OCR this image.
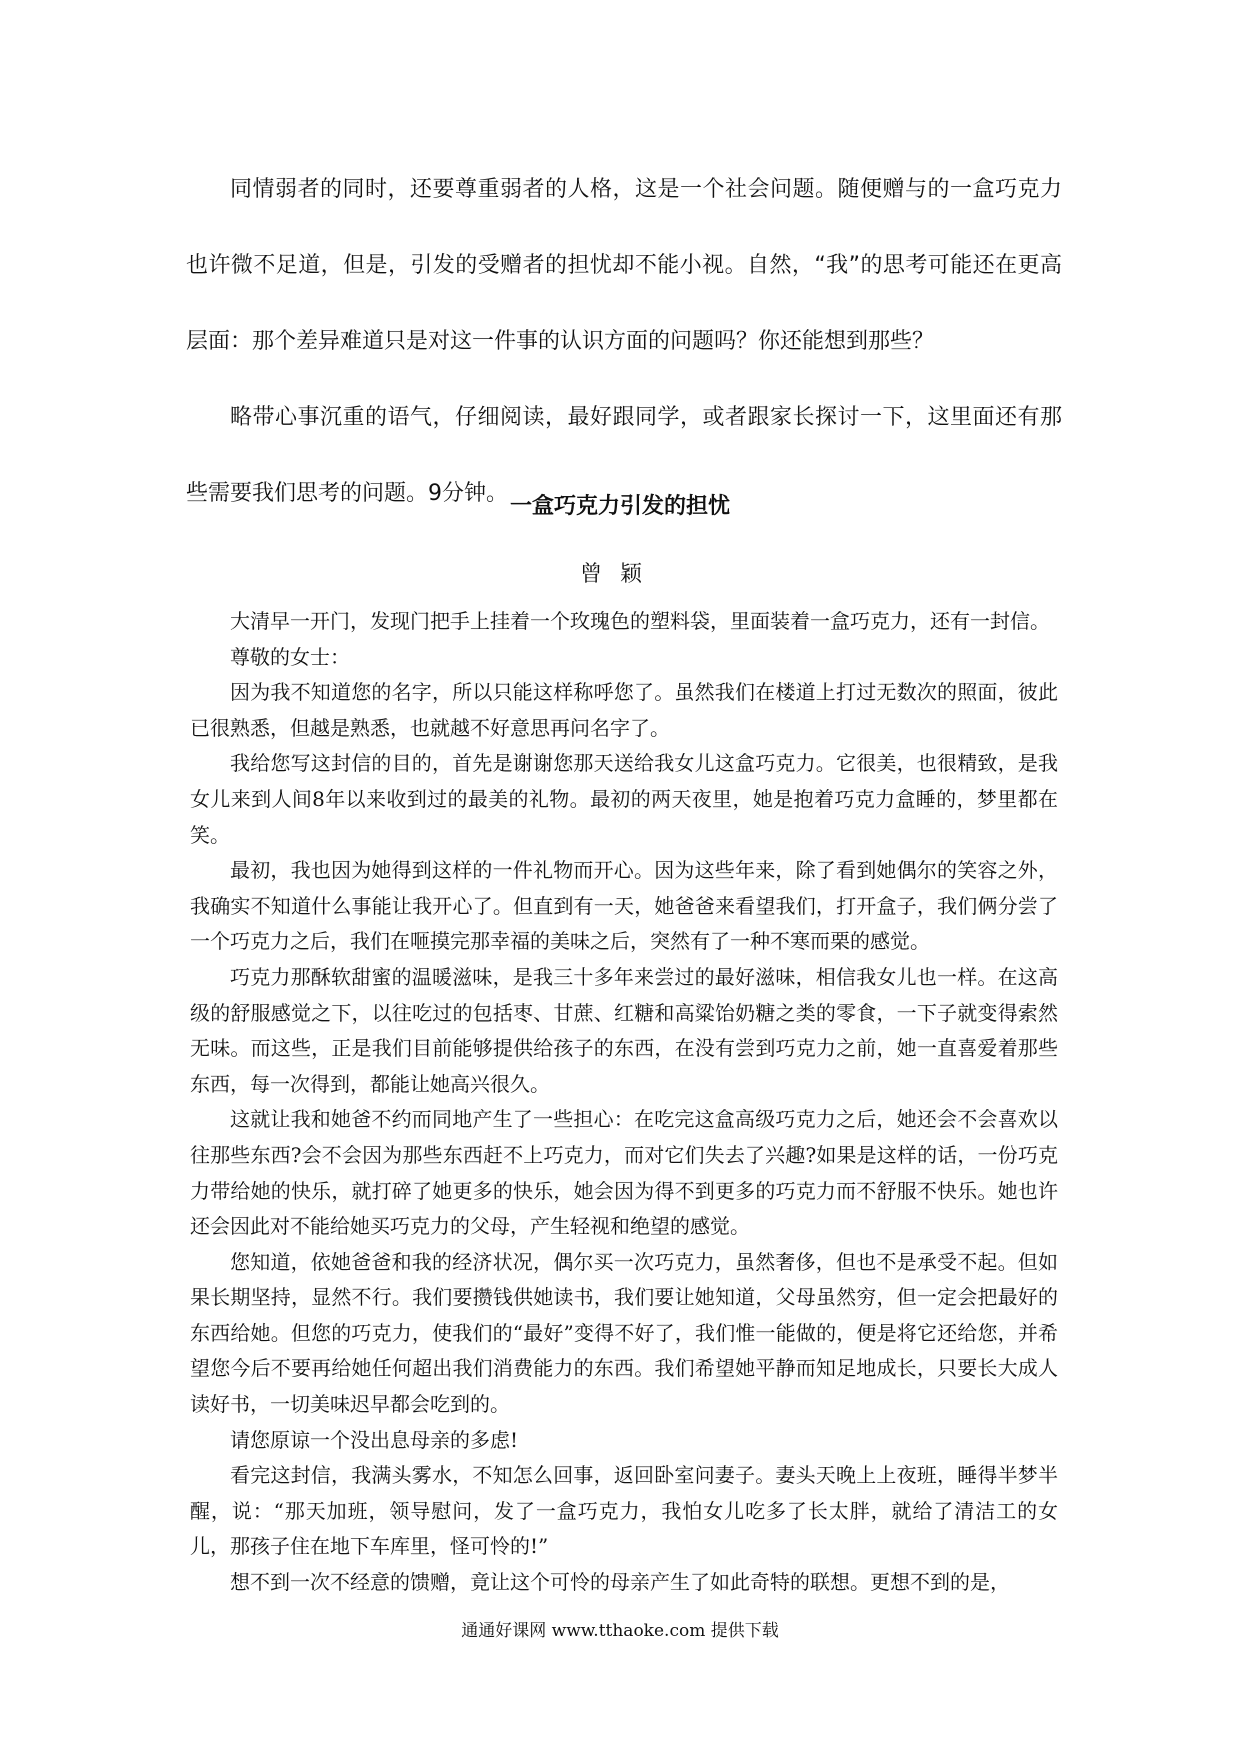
同情弱者的同时，还要尊重弱者的人格，这是一个社会问题。随便赠与的一盒巧克力也许微不足道，但是，引发的受赠者的担忧却不能小视。自然，“我”的思考可能还在更高层面：那个差异难道只是对这一件事的认识方面的问题吗？你还能想到那些？

略带心事沉重的语气，仔细阅读，最好跟同学，或者跟家长探讨一下，这里面还有那些需要我们思考的问题。9分钟。

一盒巧克力引发的担忧
曾颖

大清早一开门，发现门把手上挂着一个玫瑰色的塑料袋，里面装着一盒巧克力，还有一封信。

尊敬的女士：

因为我不知道您的名字，所以只能这样称呼您了。虽然我们在楼道上打过无数次的照面，彼此已很熟悉，但越是熟悉，也就越不好意思再问名字了。

我给您写这封信的目的，首先是谢谢您那天送给我女儿这盒巧克力。它很美，也很精致，是我女儿来到人间8年以来收到过的最美的礼物。最初的两天夜里，她是抱着巧克力盒睡的，梦里都在笑。

最初，我也因为她得到这样的一件礼物而开心。因为这些年来，除了看到她偶尔的笑容之外，我确实不知道什么事能让我开心了。但直到有一天，她爸爸来看望我们，打开盒子，我们俩分尝了一个巧克力之后，我们在咂摸完那幸福的美味之后，突然有了一种不寒而栗的感觉。

巧克力那酥软甜蜜的温暖滋味，是我三十多年来尝过的最好滋味，相信我女儿也一样。在这高级的舒服感觉之下，以往吃过的包括枣、甘蔗、红糖和高粱饴奶糖之类的零食，一下子就变得索然无味。而这些，正是我们目前能够提供给孩子的东西，在没有尝到巧克力之前，她一直喜爱着那些东西，每一次得到，都能让她高兴很久。

这就让我和她爸不约而同地产生了一些担心：在吃完这盒高级巧克力之后，她还会不会喜欢以往那些东西?会不会因为那些东西赶不上巧克力，而对它们失去了兴趣?如果是这样的话，一份巧克力带给她的快乐，就打碎了她更多的快乐，她会因为得不到更多的巧克力而不舒服不快乐。她也许还会因此对不能给她买巧克力的父母，产生轻视和绝望的感觉。

您知道，依她爸爸和我的经济状况，偶尔买一次巧克力，虽然奢侈，但也不是承受不起。但如果长期坚持，显然不行。我们要攒钱供她读书，我们要让她知道，父母虽然穷，但一定会把最好的东西给她。但您的巧克力，使我们的“最好”变得不好了，我们惟一能做的，便是将它还给您，并希望您今后不要再给她任何超出我们消费能力的东西。我们希望她平静而知足地成长，只要长大成人读好书，一切美味迟早都会吃到的。

请您原谅一个没出息母亲的多虑!

看完这封信，我满头雾水，不知怎么回事，返回卧室问妻子。妻头天晚上上夜班，睡得半梦半醒，说：“那天加班，领导慰问，发了一盒巧克力，我怕女儿吃多了长太胖，就给了清洁工的女儿，那孩子住在地下车库里，怪可怜的!”

想不到一次不经意的馈赠，竟让这个可怜的母亲产生了如此奇特的联想。更想不到的是，

通通好课网 www.tthaoke.com 提供下载
